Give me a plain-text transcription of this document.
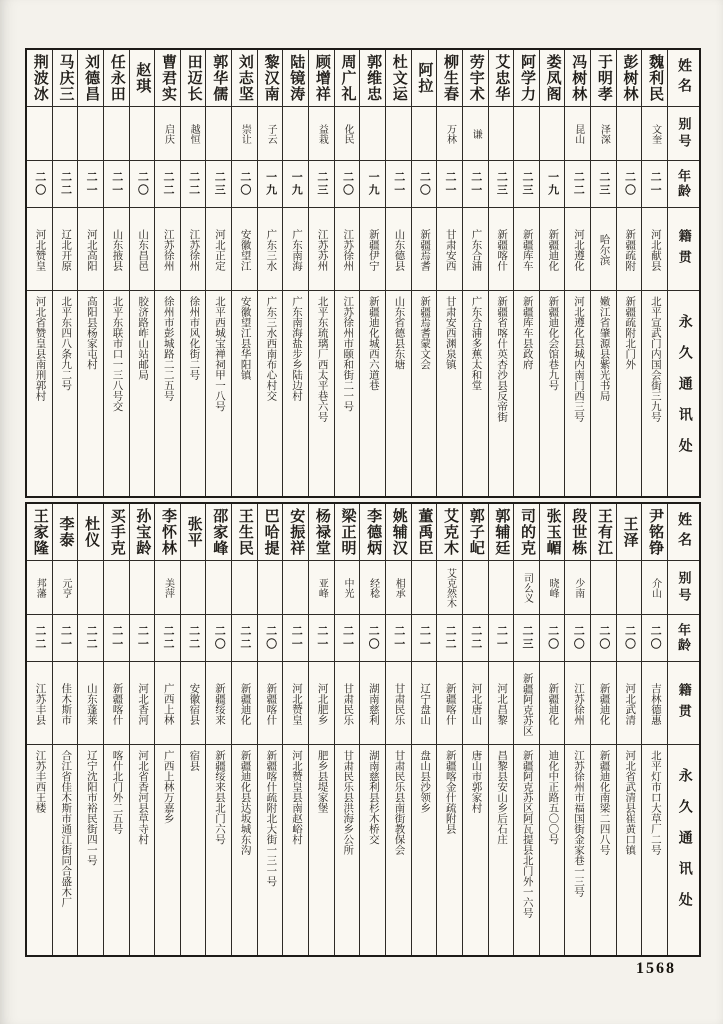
姓名
别号
年龄
籍贯
永久通讯处
魏利民
文奎
二一
河北献县
北平宣武门内国会街三九号
彭树林
二〇
新疆疏附
新疆疏附北门外
于明孝
泽深
二三
哈尔滨
嫩江省肇源县紫光书局
冯树林
昆山
二二
河北遵化
河北遵化县城内南门西三号
娄凤阁
一九
新疆迪化
新疆迪化会馆巷九号
阿学力
二三
新疆库车
新疆库车县政府
艾忠华
二三
新疆喀什
新疆省喀什英杏沙县反帝街
劳宇术
谦
二一
广东合浦
广东合浦多蕉太和堂
柳生春
万林
二一
甘肃安西
甘肃安西渊泉镇
阿拉
二〇
新疆焉耆
新疆焉耆蒙文会
杜文运
二一
山东德县
山东省德县东塘
郭维忠
一九
新疆伊宁
新疆迪化城西六道巷
周广礼
化民
二〇
江苏徐州
江苏徐州市颐和街二一号
顾增祥
益栽
二三
江苏苏州
北平东琉璃厂西太平巷六号
陆镜涛
一九
广东南海
广东南海盐步乡陆边村
黎汉南
子云
一九
广东三水
广东三水西南布心村交
刘志坚
崇让
二〇
安徽望江
安徽望江县华阳镇
郭华儒
二三
河北正定
北平西城宝禅祠甲一八号
田迈长
越恒
二二
江苏徐州
徐州市风化街二号
曹君实
启庆
二二
江苏徐州
徐州市彭城路二二五号
赵琪
二〇
山东昌邑
胶济路岞山站邮局
任永田
二一
山东掖县
北平东联市口一三八号交
刘德昌
二一
河北高阳
高阳县杨家屯村
马庆三
二二
辽北开原
北平东四八条九二号
荆波冰
二〇
河北赞皇
河北省赞皇县南刑郭村
姓名
别号
年龄
籍贯
永久通讯处
尹铭铮
介山
二〇
吉林德惠
北平灯市口大草厂二号
王泽
二〇
河北武清
河北省武清县崔黄口镇
王有江
二〇
新疆迪化
新疆迪化南梁二四八号
段世栋
少南
二〇
江苏徐州
江苏徐州市福国街金家巷一三号
张玉嵋
晓峰
二〇
新疆迪化
迪化中正路五〇〇号
司的克
司么义
二三
新疆阿克苏区
新疆阿克苏区阿瓦提县北门外一六号
郭辅廷
二一
河北昌黎
昌黎县安山乡后石庄
郭子屺
二二
河北唐山
唐山市郭家村
艾克木
艾克然木
二二
新疆喀什
新疆喀金什疏附县
董禹臣
二一
辽宁盘山
盘山县沙领乡
姚辅汉
相承
二一
甘肃民乐
甘肃民乐县南街教保会
李德炳
经稔
二〇
湖南慈利
湖南慈利县杉木桥交
梁正明
中光
二一
甘肃民乐
甘肃民乐县洪海乡公所
杨禄堂
亚峰
二一
河北肥乡
肥乡县堤家堡
安振祥
二一
河北赞皇
河北赞皇县南赵峪村
巴哈提
二〇
新疆喀什
新疆喀什疏附北大街一三一号
王生民
二二
新疆迪化
新疆迪化县达坂城东沟
邵家峰
二〇
新疆绥来
新疆绥来县北门六号
张平
二二
安徽宿县
宿县
李怀林
美萍
二二
广西上林
广西上林万嘉乡
孙宝龄
二一
河北香河
河北省香河县草寺村
买手克
二一
新疆喀什
喀什北门外二五号
杜仪
二二
山东蓬莱
辽宁沈阳市裕民街四一号
李泰
元亨
二一
佳木斯市
合江省佳木斯市通江街同合盛木厂
王家隆
邦藩
二二
江苏丰县
江苏丰西王楼
1568
